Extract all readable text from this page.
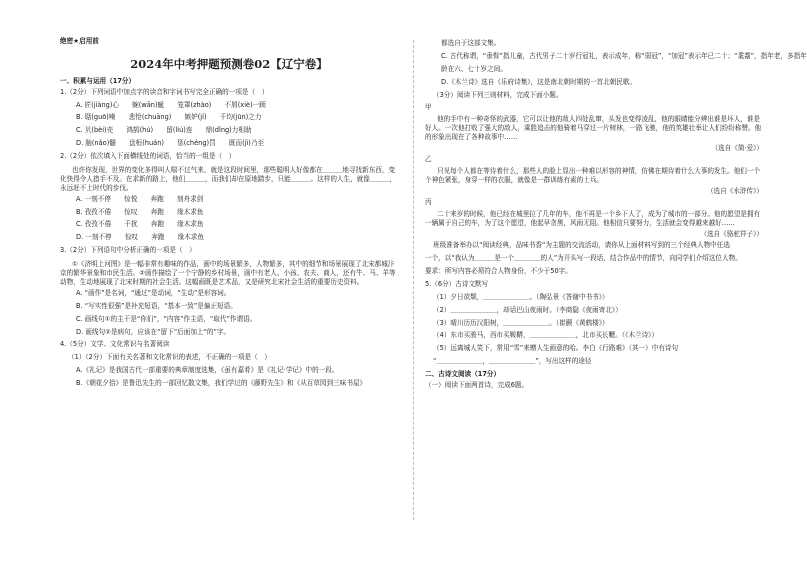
绝密★启用前

2024年中考押题预测卷02【辽宁卷】

一、积累与运用（17分）

1.（2分）下列词语中加点字的读音和字词书写完全正确的一项是（　）

A. 匠(jiàng)心　　蜿(wān)蜒　　笼罩(zhào)　　不屑(xiè)一顾

B. 聒(guō)噪　　悲怆(chuàng)　　嫉妒(jí)　　千均(jūn)之力

C. 贝(bèi)壳　　鸿鹄(hú)　　留(liú)连　　鼎(dǐng)力相助

D. 脑(nǎo)髓　　盘桓(huán)　　惩(chéng)罚　　既而(jì)乃至

2.（2分）依次填入下面横线处的词语，恰当的一组是（　）

也许你发现，世界的变化多得叫人喘不过气来，就是这段时间里，那些聪明人好像都在＿＿＿地寻找新东西，变化快得令人措手不及。在求新的路上，他们＿＿＿，而我们却在原地踏步，只能＿＿＿。这样的人生，就像＿＿＿，永远赶不上时代的步伐。

A. 一刻不停　　惊悦　　奔跑　　刻舟求剑

B. 孜孜不倦　　惊叹　　奔跑　　缘木求鱼

C. 孜孜不倦　　干扰　　奔跑　　缘木求鱼

D. 一刻不停　　惊叹　　奔跑　　缘木求鱼

3.（2分）下列语句中分析正确的一项是（　）

①《济明上河图》是一幅非常有趣味的作品，画中的场景繁多，人物繁多，其中的细节和场景展现了北宋都城汴京的繁华景象和市民生活。②画作描绘了一个宁静的乡村场景，画中有老人、小孩、农夫、商人，还有牛、马、羊等动物，生动地展现了北宋时期的社会生活。这幅画既是艺术品，又是研究北宋社会生活的重要历史资料。

A. “画作”是名词，“通过”是动词，“生动”是形容词。

B. “写实性很强”是补充短语，“基本一致”是偏正短语。

C. 画线句①的主干是“你们”，“内容”作主语，“取代”作谓语。

D. 画线句②是病句，应该在“留下”后面加上“的”字。

4.（5分）文学、文化常识与名著阅读

（1）（2分）下面有关名著和文化常识的表述，不正确的一项是（　）

A.《礼记》是我国古代一部重要的典章制度选集，《虽有嘉肴》是《礼记·学记》中的一段。

B.《朝花夕拾》是鲁迅先生的一部回忆散文集，我们学过的《藤野先生》和《从百草园到三味书屋》

都选自于这部文集。

C. 古代称谓，“垂髫”指儿童，古代男子二十岁行冠礼，表示成年，称“弱冠”，“加冠”表示年已二十；“耄耋”，指年老，多指年

龄在六、七十岁之间。

D.《木兰诗》选自《乐府诗集》，这是南北朝时期的一首北朝民歌。

（3分）阅读下列三则材料，完成下面小题。

甲

他的手中有一种奇怪的武器，它可以让他的敌人四处乱窜，头发也变得凌乱，他的眼睛能分辨出谁是坏人，谁是好人。一次他打败了强大的敌人，乘胜追击的他骑着马穿过一片树林，一路飞驰，他的英雄壮举让人们纷纷称赞。他的形象出现在了各种故事中……

（选自《简·爱》）

乙

只见每个人都在等待着什么，那些人的脸上显出一种难以形容的神情，仿佛在期待着什么大事的发生。他们一个个神色紧张，身穿一样的衣服，就像是一群训练有素的士兵。

（选自《水浒传》）

丙

二十来岁的时候，他已经在城里拉了几年的车，他不再是一个乡下人了，成为了城市的一部分。他的愿望是拥有一辆属于自己的车，为了这个愿望，他起早贪黑，风雨无阻。他相信只要努力，生活就会变得越来越好……

（选自《骆驼祥子》）

班级准备举办以“阅读经典，品味书香”为主题的交流活动，请你从上面材料写到的三个经典人物中任选

一个，以“我认为＿＿＿是一个＿＿＿＿的人”为开头写一段话，结合作品中的情节，向同学们介绍这位人物。

要求：所写内容必须符合人物身份，不少于50字。

5.（6分）古诗文默写

（1）夕日欲颓，＿＿＿＿＿＿＿。（陶弘景《答谢中书书》）

（2）＿＿＿＿＿＿＿，却话巴山夜雨时。（李商隐《夜雨寄北》）

（3）晴川历历汉阳树，＿＿＿＿＿＿＿。（崔颢《黄鹤楼》）

（4）东市买骏马，西市买鞍鞯，＿＿＿＿＿＿＿，北市买长鞭。（《木兰诗》）

（5）远离城人笑下，常用“雪”来赠人生画意的哈。李白《行路难》（其一）中有诗句

“＿＿＿＿＿＿＿，＿＿＿＿＿＿＿”，写出这样的途径

二、古诗文阅读（17分）

（一）阅读下面两首诗，完成6题。
